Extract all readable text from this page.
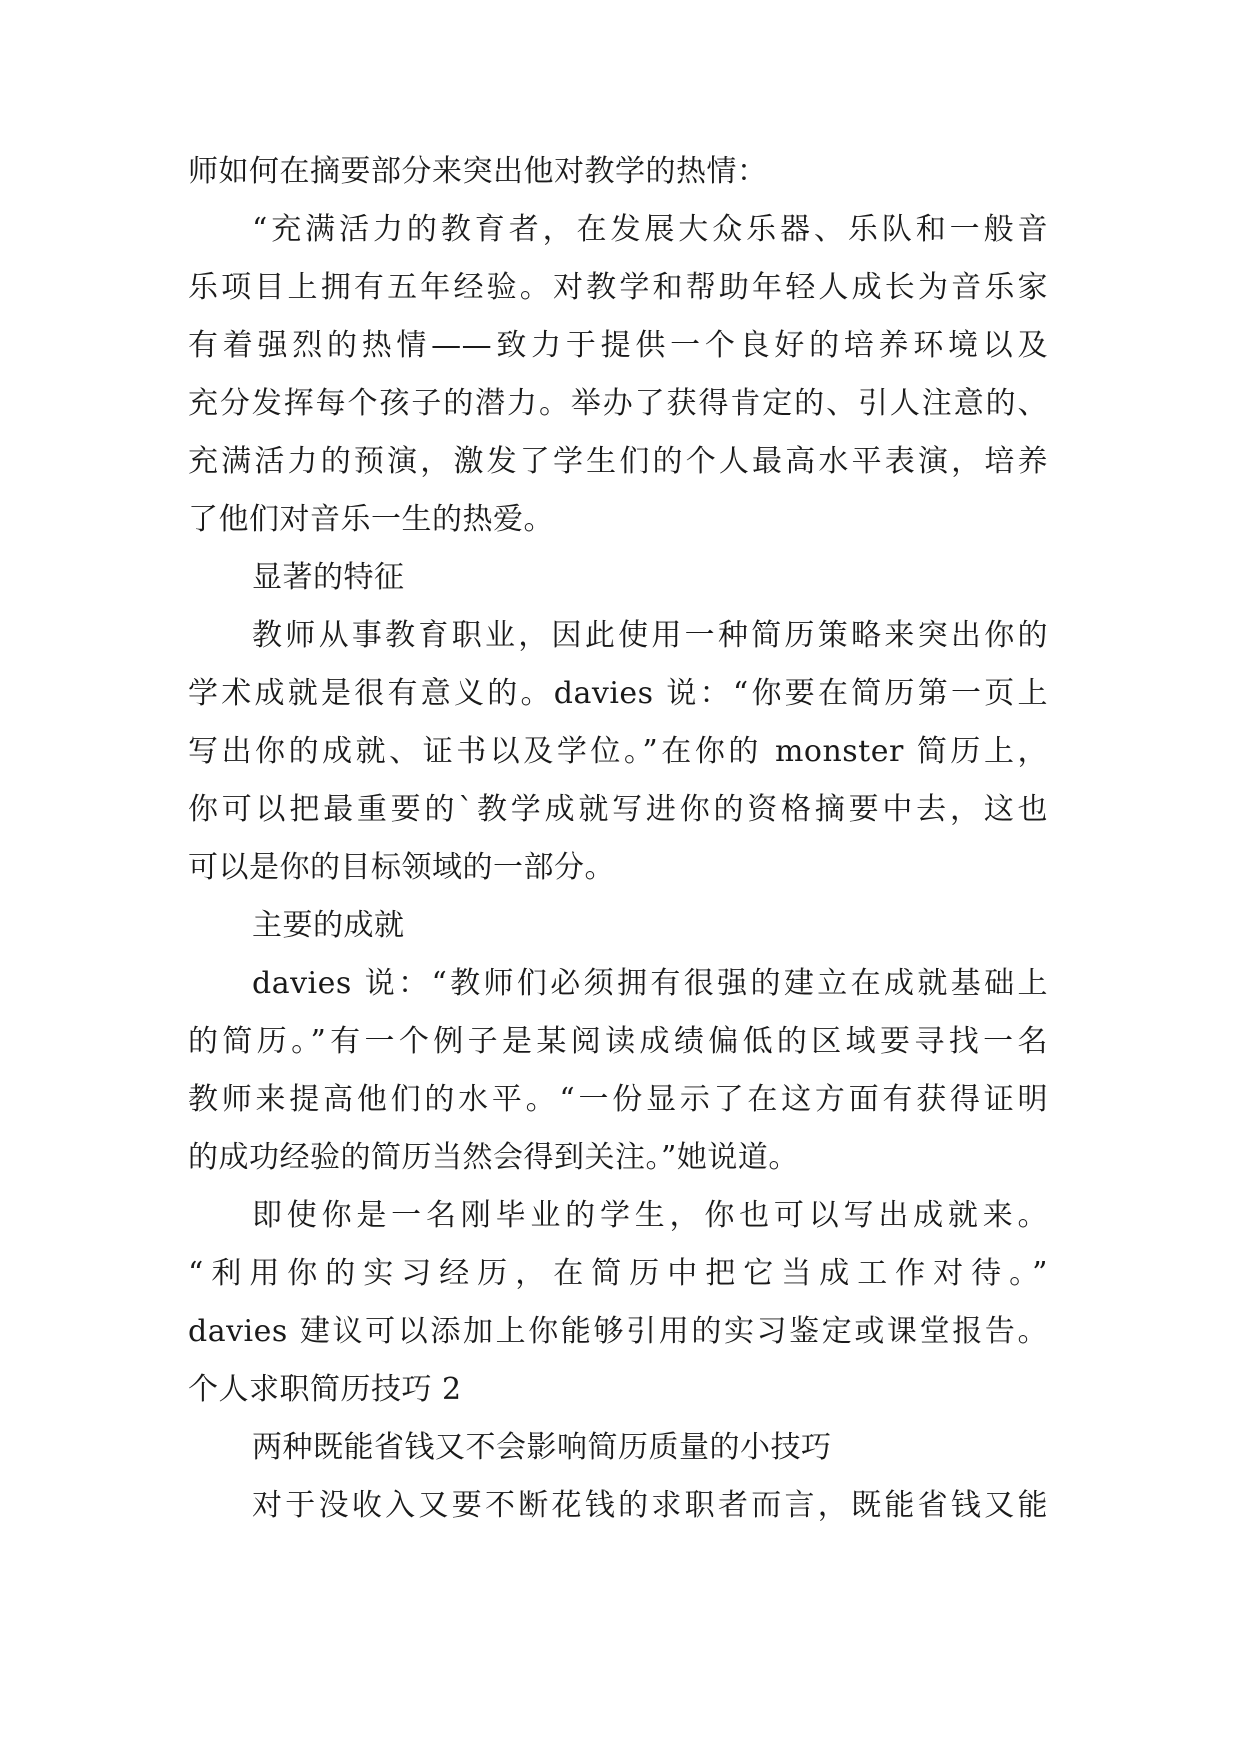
师如何在摘要部分来突出他对教学的热情：
“充满活力的教育者，在发展大众乐器、乐队和一般音
乐项目上拥有五年经验。对教学和帮助年轻人成长为音乐家
有着强烈的热情——致力于提供一个良好的培养环境以及
充分发挥每个孩子的潜力。举办了获得肯定的、引人注意的、
充满活力的预演，激发了学生们的个人最高水平表演，培养
了他们对音乐一生的热爱。
显著的特征
教师从事教育职业，因此使用一种简历策略来突出你的
学术成就是很有意义的。davies 说：“你要在简历第一页上
写出你的成就、证书以及学位。”在你的 monster 简历上，
你可以把最重要的`教学成就写进你的资格摘要中去，这也
可以是你的目标领域的一部分。
主要的成就
davies 说：“教师们必须拥有很强的建立在成就基础上
的简历。”有一个例子是某阅读成绩偏低的区域要寻找一名
教师来提高他们的水平。“一份显示了在这方面有获得证明
的成功经验的简历当然会得到关注。”她说道。
即使你是一名刚毕业的学生，你也可以写出成就来。
“利用你的实习经历，在简历中把它当成工作对待。”
davies 建议可以添加上你能够引用的实习鉴定或课堂报告。
个人求职简历技巧 2
两种既能省钱又不会影响简历质量的小技巧
对于没收入又要不断花钱的求职者而言，既能省钱又能
